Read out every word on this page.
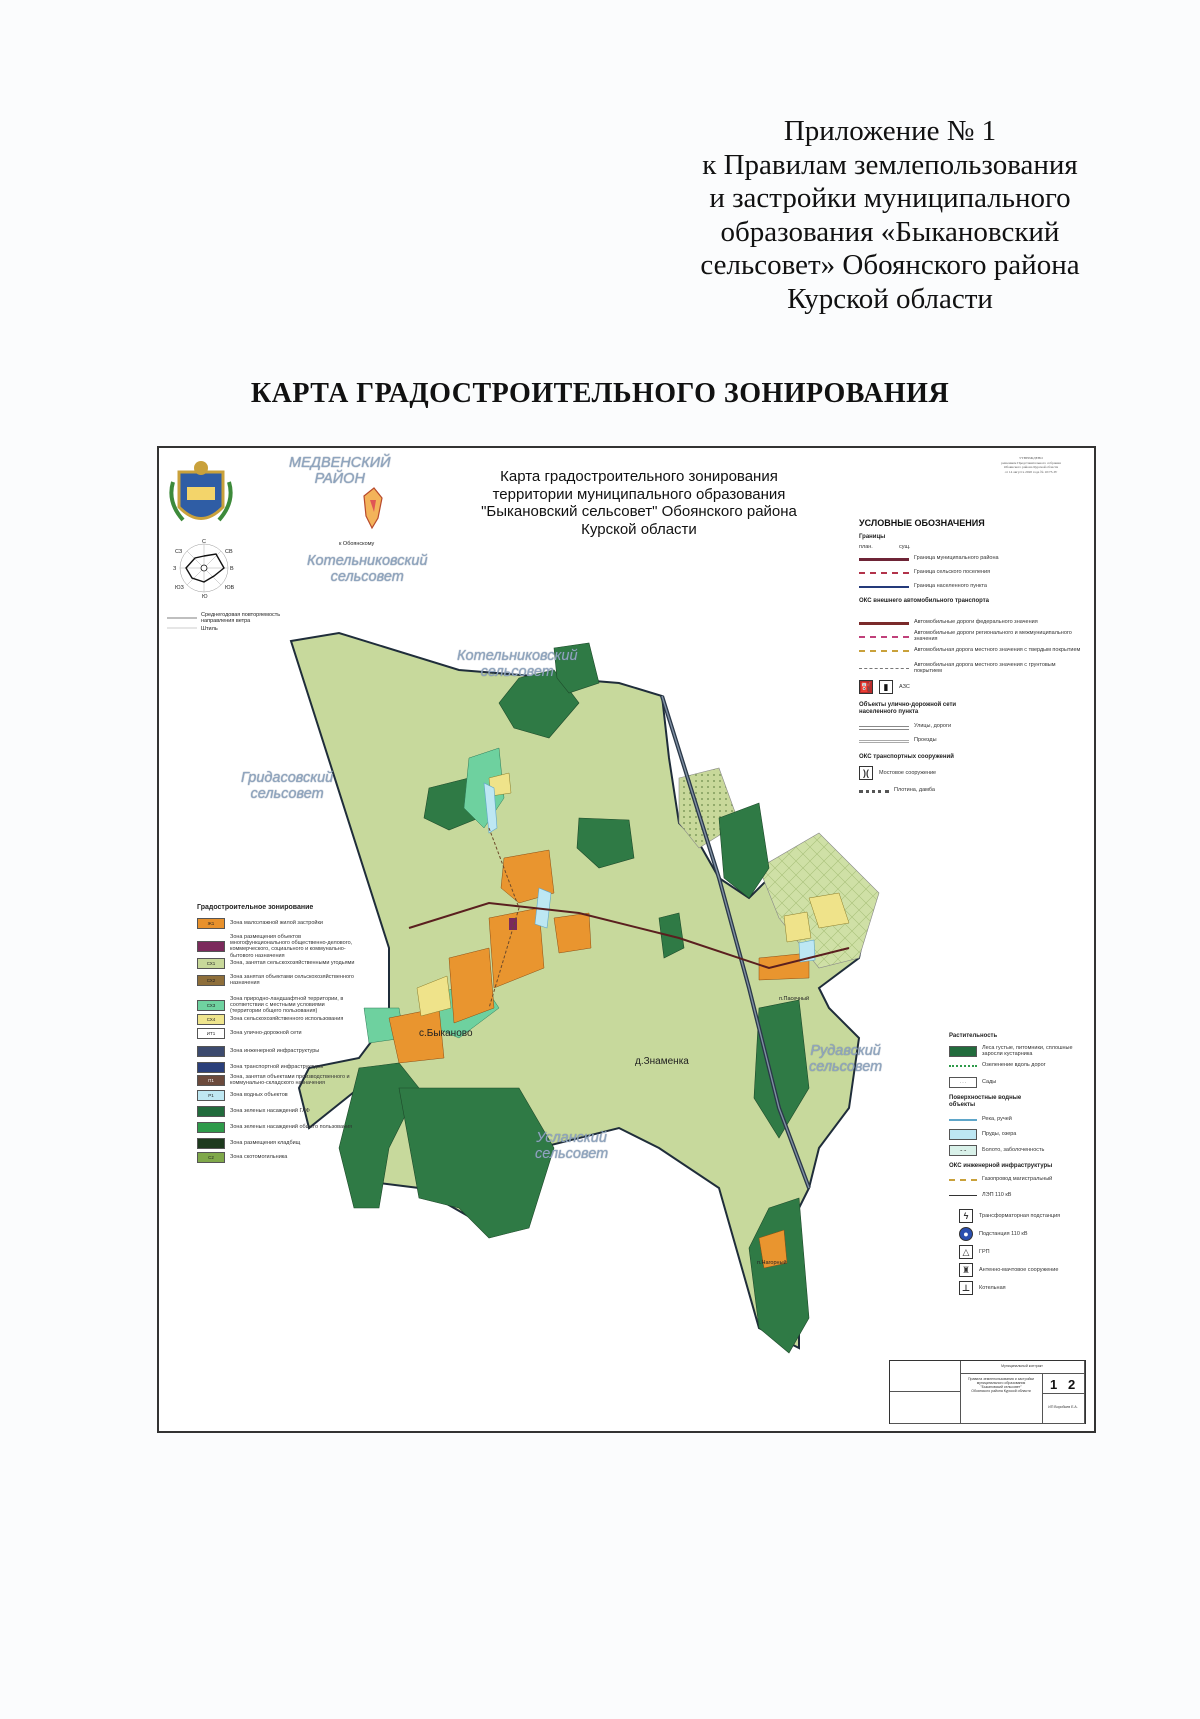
Приложение № 1
к Правилам землепользования
и застройки муниципального
образования «Быкановский
сельсовет» Обоянского района
Курской области
КАРТА ГРАДОСТРОИТЕЛЬНОГО ЗОНИРОВАНИЯ
УТВЕРЖДЕНО
решением Представительного собрания
Обоянского района Курской области
от 14 августа 2020 года № 10/73-IV
Карта градостроительного зонирования
территории муниципального образования
"Быкановский сельсовет" Обоянского района
Курской области
МЕДВЕНСКИЙ
РАЙОН
Котельниковский
сельсовет
Котельниковский
сельсовет
Гридасовский
сельсовет
Рудавский
сельсовет
Усланский
сельсовет
к Обоянскому
с.Быканово
д.Знаменка
п.Пасечный
п.Нагорный
Среднегодовая повторяемость
направления ветра
Штиль
С
СВ
В
ЮВ
Ю
ЮЗ
З
СЗ
УСЛОВНЫЕ ОБОЗНАЧЕНИЯ
Границы
план.	сущ.
Граница муниципального района
Граница сельского поселения
Граница населенного пункта
ОКС внешнего автомобильного транспорта
Автомобильные дороги федерального значения
Автомобильные дороги регионального и межмуниципального значения
Автомобильная дорога местного значения с твердым покрытием
Автомобильная дорога местного значения с грунтовым покрытием
⛽	▮	АЗС
Объекты улично-дорожной сети населенного пункта
Улицы, дороги
Проезды
ОКС транспортных сооружений
)(	Мостовое сооружение
Плотина, дамба
Растительность
Леса густые, питомники, сплошные заросли кустарника
Озеленение вдоль дорог
· · ·	Сады
Поверхностные водные объекты
Река, ручей
Пруды, озера
~ ~	Болото, заболоченность
ОКС инженерной инфраструктуры
Газопровод магистральный
ЛЭП 110 кВ
ϟ	Трансформаторная подстанция
●	Подстанция 110 кВ
△	ГРП
♜	Антенно-мачтовое сооружение
⊥	Котельная
Градостроительное зонирование
Ж1	Зона малоэтажной жилой застройки
Зона размещения объектов многофункционального общественно-делового, коммерческого, социального и коммунально-бытового назначения
СХ1	Зона, занятая сельскохозяйственными угодьями
СХ2
Зона занятая объектами сельскохозяйственного назначения
СХ3
Зона природно-ландшафтной территории, в соответствии с местными условиями (территории общего пользования)
СХ4	Зона сельскохозяйственного использования
ИТ1	Зона улично-дорожной сети
Зона инженерной инфраструктуры
Зона транспортной инфраструктуры
П1
Зона, занятая объектами производственного и коммунально-складского назначения
Р1	Зона водных объектов
Зона зеленых насаждений ГЛФ
Зона зеленых насаждений общего пользования
Зона размещения кладбищ
С2	Зона скотомогильника
Муниципальный контракт
Правила землепользования и застройки
муниципального образования
"Быкановский сельсовет"
Обоянского района Курской области	1 2
ИП Воробьев Е.А.
